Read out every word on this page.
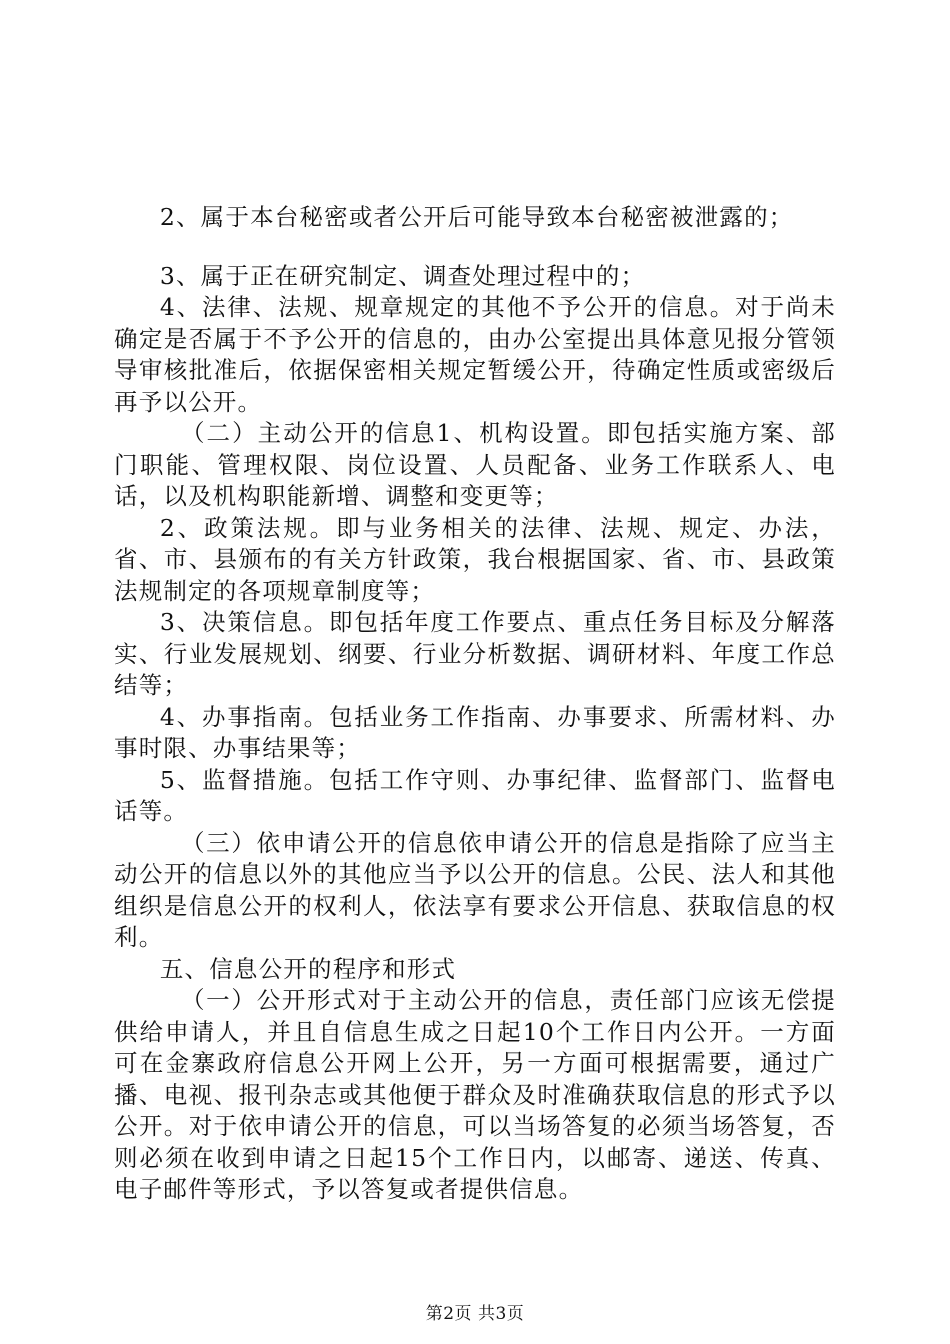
2、属于本台秘密或者公开后可能导致本台秘密被泄露的；

3、属于正在研究制定、调查处理过程中的；

4、法律、法规、规章规定的其他不予公开的信息。对于尚未确定是否属于不予公开的信息的，由办公室提出具体意见报分管领导审核批准后，依据保密相关规定暂缓公开，待确定性质或密级后再予以公开。

（二）主动公开的信息1、机构设置。即包括实施方案、部门职能、管理权限、岗位设置、人员配备、业务工作联系人、电话，以及机构职能新增、调整和变更等；

2、政策法规。即与业务相关的法律、法规、规定、办法，省、市、县颁布的有关方针政策，我台根据国家、省、市、县政策法规制定的各项规章制度等；

3、决策信息。即包括年度工作要点、重点任务目标及分解落实、行业发展规划、纲要、行业分析数据、调研材料、年度工作总结等；

4、办事指南。包括业务工作指南、办事要求、所需材料、办事时限、办事结果等；

5、监督措施。包括工作守则、办事纪律、监督部门、监督电话等。

（三）依申请公开的信息依申请公开的信息是指除了应当主动公开的信息以外的其他应当予以公开的信息。公民、法人和其他组织是信息公开的权利人，依法享有要求公开信息、获取信息的权利。

五、信息公开的程序和形式

（一）公开形式对于主动公开的信息，责任部门应该无偿提供给申请人，并且自信息生成之日起10个工作日内公开。一方面可在金寨政府信息公开网上公开，另一方面可根据需要，通过广播、电视、报刊杂志或其他便于群众及时准确获取信息的形式予以公开。对于依申请公开的信息，可以当场答复的必须当场答复，否则必须在收到申请之日起15个工作日内，以邮寄、递送、传真、电子邮件等形式，予以答复或者提供信息。

第2页 共3页
